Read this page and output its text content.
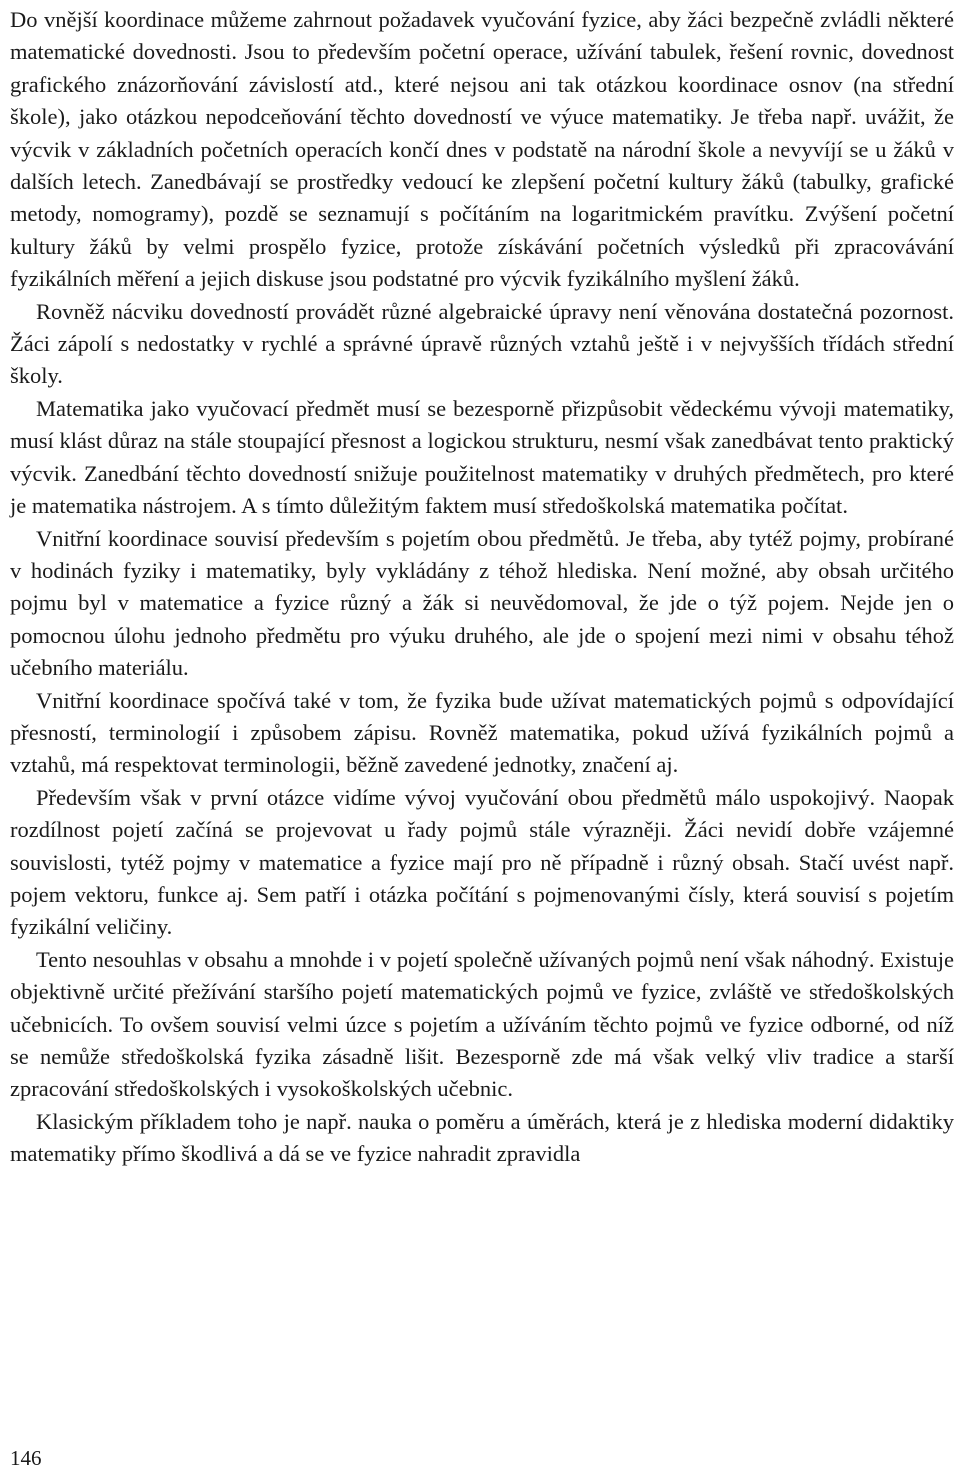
Do vnější koordinace můžeme zahrnout požadavek vyučování fyzice, aby žáci bezpečně zvládli některé matematické dovednosti. Jsou to především početní operace, užívání tabulek, řešení rovnic, dovednost grafického znázorňování závislostí atd., které nejsou ani tak otázkou koordinace osnov (na střední škole), jako otázkou nepodceňování těchto dovedností ve výuce matematiky. Je třeba např. uvážit, že výcvik v základních početních operacích končí dnes v podstatě na národní škole a nevyvíjí se u žáků v dalších letech. Zanedbávají se prostředky vedoucí ke zlepšení početní kultury žáků (tabulky, grafické metody, nomogramy), pozdě se seznamují s počítáním na logaritmickém pravítku. Zvýšení početní kultury žáků by velmi prospělo fyzice, protože získávání početních výsledků při zpracovávání fyzikálních měření a jejich diskuse jsou podstatné pro výcvik fyzikálního myšlení žáků.

Rovněž nácviku dovedností provádět různé algebraické úpravy není věnována dostatečná pozornost. Žáci zápolí s nedostatky v rychlé a správné úpravě různých vztahů ještě i v nejvyšších třídách střední školy.

Matematika jako vyučovací předmět musí se bezesporně přizpůsobit vědeckému vývoji matematiky, musí klást důraz na stále stoupající přesnost a logickou strukturu, nesmí však zanedbávat tento praktický výcvik. Zanedbání těchto dovedností snižuje použitelnost matematiky v druhých předmětech, pro které je matematika nástrojem. A s tímto důležitým faktem musí středoškolská matematika počítat.

Vnitřní koordinace souvisí především s pojetím obou předmětů. Je třeba, aby tytéž pojmy, probírané v hodinách fyziky i matematiky, byly vykládány z téhož hlediska. Není možné, aby obsah určitého pojmu byl v matematice a fyzice různý a žák si neuvědomoval, že jde o týž pojem. Nejde jen o pomocnou úlohu jednoho předmětu pro výuku druhého, ale jde o spojení mezi nimi v obsahu téhož učebního materiálu.

Vnitřní koordinace spočívá také v tom, že fyzika bude užívat matematických pojmů s odpovídající přesností, terminologií i způsobem zápisu. Rovněž matematika, pokud užívá fyzikálních pojmů a vztahů, má respektovat terminologii, běžně zavedené jednotky, značení aj.

Především však v první otázce vidíme vývoj vyučování obou předmětů málo uspokojivý. Naopak rozdílnost pojetí začíná se projevovat u řady pojmů stále výrazněji. Žáci nevidí dobře vzájemné souvislosti, tytéž pojmy v matematice a fyzice mají pro ně případně i různý obsah. Stačí uvést např. pojem vektoru, funkce aj. Sem patří i otázka počítání s pojmenovanými čísly, která souvisí s pojetím fyzikální veličiny.

Tento nesouhlas v obsahu a mnohde i v pojetí společně užívaných pojmů není však náhodný. Existuje objektivně určité přežívání staršího pojetí matematických pojmů ve fyzice, zvláště ve středoškolských učebnicích. To ovšem souvisí velmi úzce s pojetím a užíváním těchto pojmů ve fyzice odborné, od níž se nemůže středoškolská fyzika zásadně lišit. Bezesporně zde má však velký vliv tradice a starší zpracování středoškolských i vysokoškolských učebnic.

Klasickým příkladem toho je např. nauka o poměru a úměrách, která je z hlediska moderní didaktiky matematiky přímo škodlivá a dá se ve fyzice nahradit zpravidla

146
